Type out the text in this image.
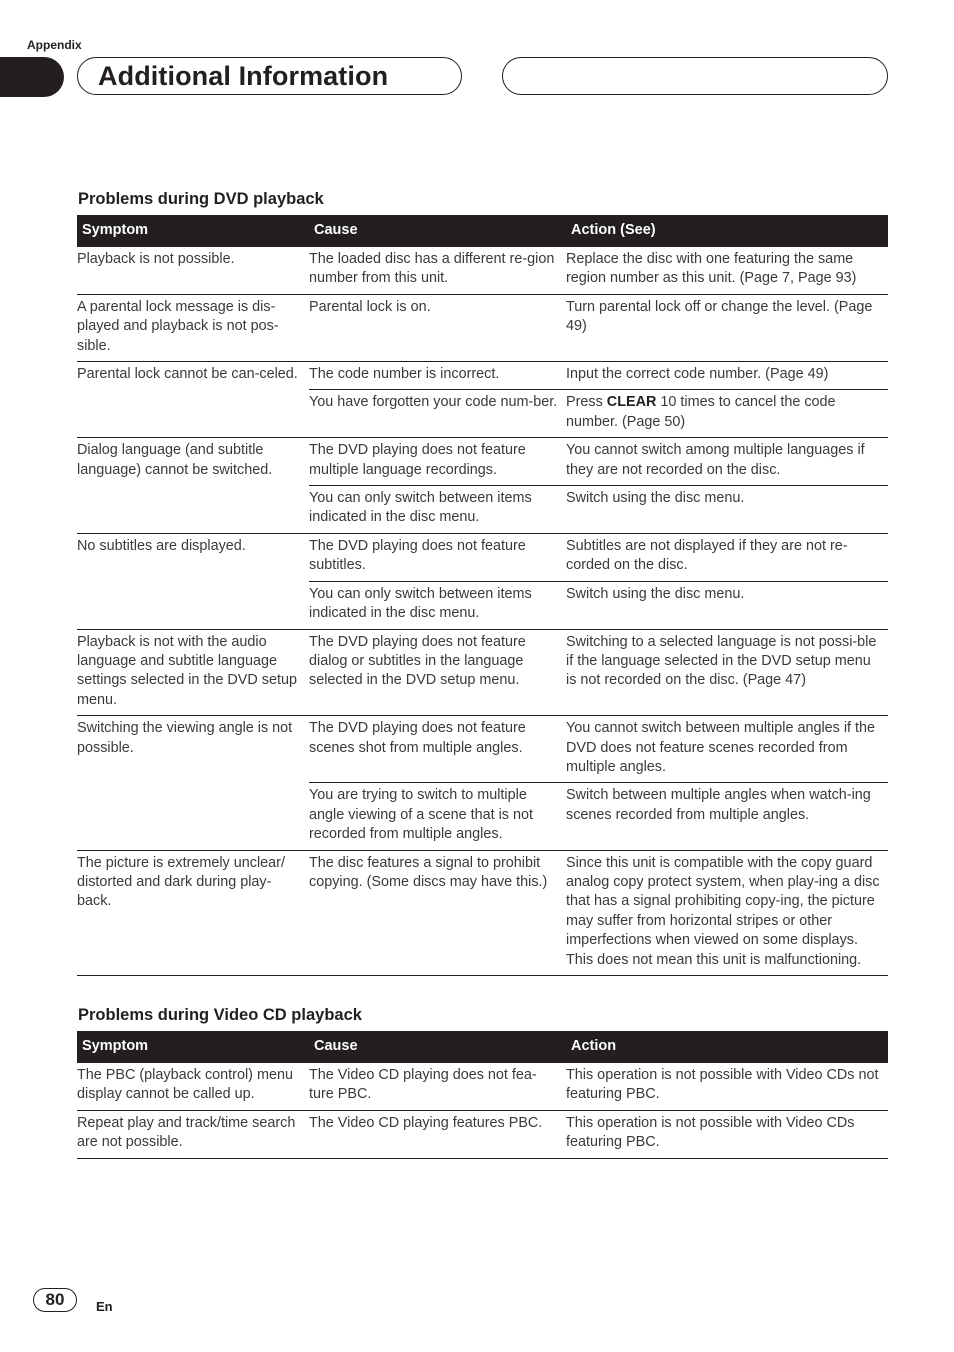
Appendix
Additional Information
Problems during DVD playback
Symptom	Cause	Action (See)
Playback is not possible.	The loaded disc has a different re-gion number from this unit.	Replace the disc with one featuring the same region number as this unit. (Page 7, Page 93)
A parental lock message is dis-played and playback is not pos-sible.	Parental lock is on.	Turn parental lock off or change the level. (Page 49)
Parental lock cannot be can-celed.	The code number is incorrect.	Input the correct code number. (Page 49)
	You have forgotten your code num-ber.	Press CLEAR 10 times to cancel the code number. (Page 50)
Dialog language (and subtitle language) cannot be switched.	The DVD playing does not feature multiple language recordings.	You cannot switch among multiple languages if they are not recorded on the disc.
	You can only switch between items indicated in the disc menu.	Switch using the disc menu.
No subtitles are displayed.	The DVD playing does not feature subtitles.	Subtitles are not displayed if they are not re-corded on the disc.
	You can only switch between items indicated in the disc menu.	Switch using the disc menu.
Playback is not with the audio language and subtitle language settings selected in the DVD setup menu.	The DVD playing does not feature dialog or subtitles in the language selected in the DVD setup menu.	Switching to a selected language is not possi-ble if the language selected in the DVD setup menu is not recorded on the disc. (Page 47)
Switching the viewing angle is not possible.	The DVD playing does not feature scenes shot from multiple angles.	You cannot switch between multiple angles if the DVD does not feature scenes recorded from multiple angles.
	You are trying to switch to multiple angle viewing of a scene that is not recorded from multiple angles.	Switch between multiple angles when watch-ing scenes recorded from multiple angles.
The picture is extremely unclear/ distorted and dark during play-back.	The disc features a signal to prohibit copying. (Some discs may have this.)	Since this unit is compatible with the copy guard analog copy protect system, when play-ing a disc that has a signal prohibiting copy-ing, the picture may suffer from horizontal stripes or other imperfections when viewed on some displays. This does not mean this unit is malfunctioning.
Problems during Video CD playback
Symptom	Cause	Action
The PBC (playback control) menu display cannot be called up.	The Video CD playing does not fea-ture PBC.	This operation is not possible with Video CDs not featuring PBC.
Repeat play and track/time search are not possible.	The Video CD playing features PBC.	This operation is not possible with Video CDs featuring PBC.
80	En
